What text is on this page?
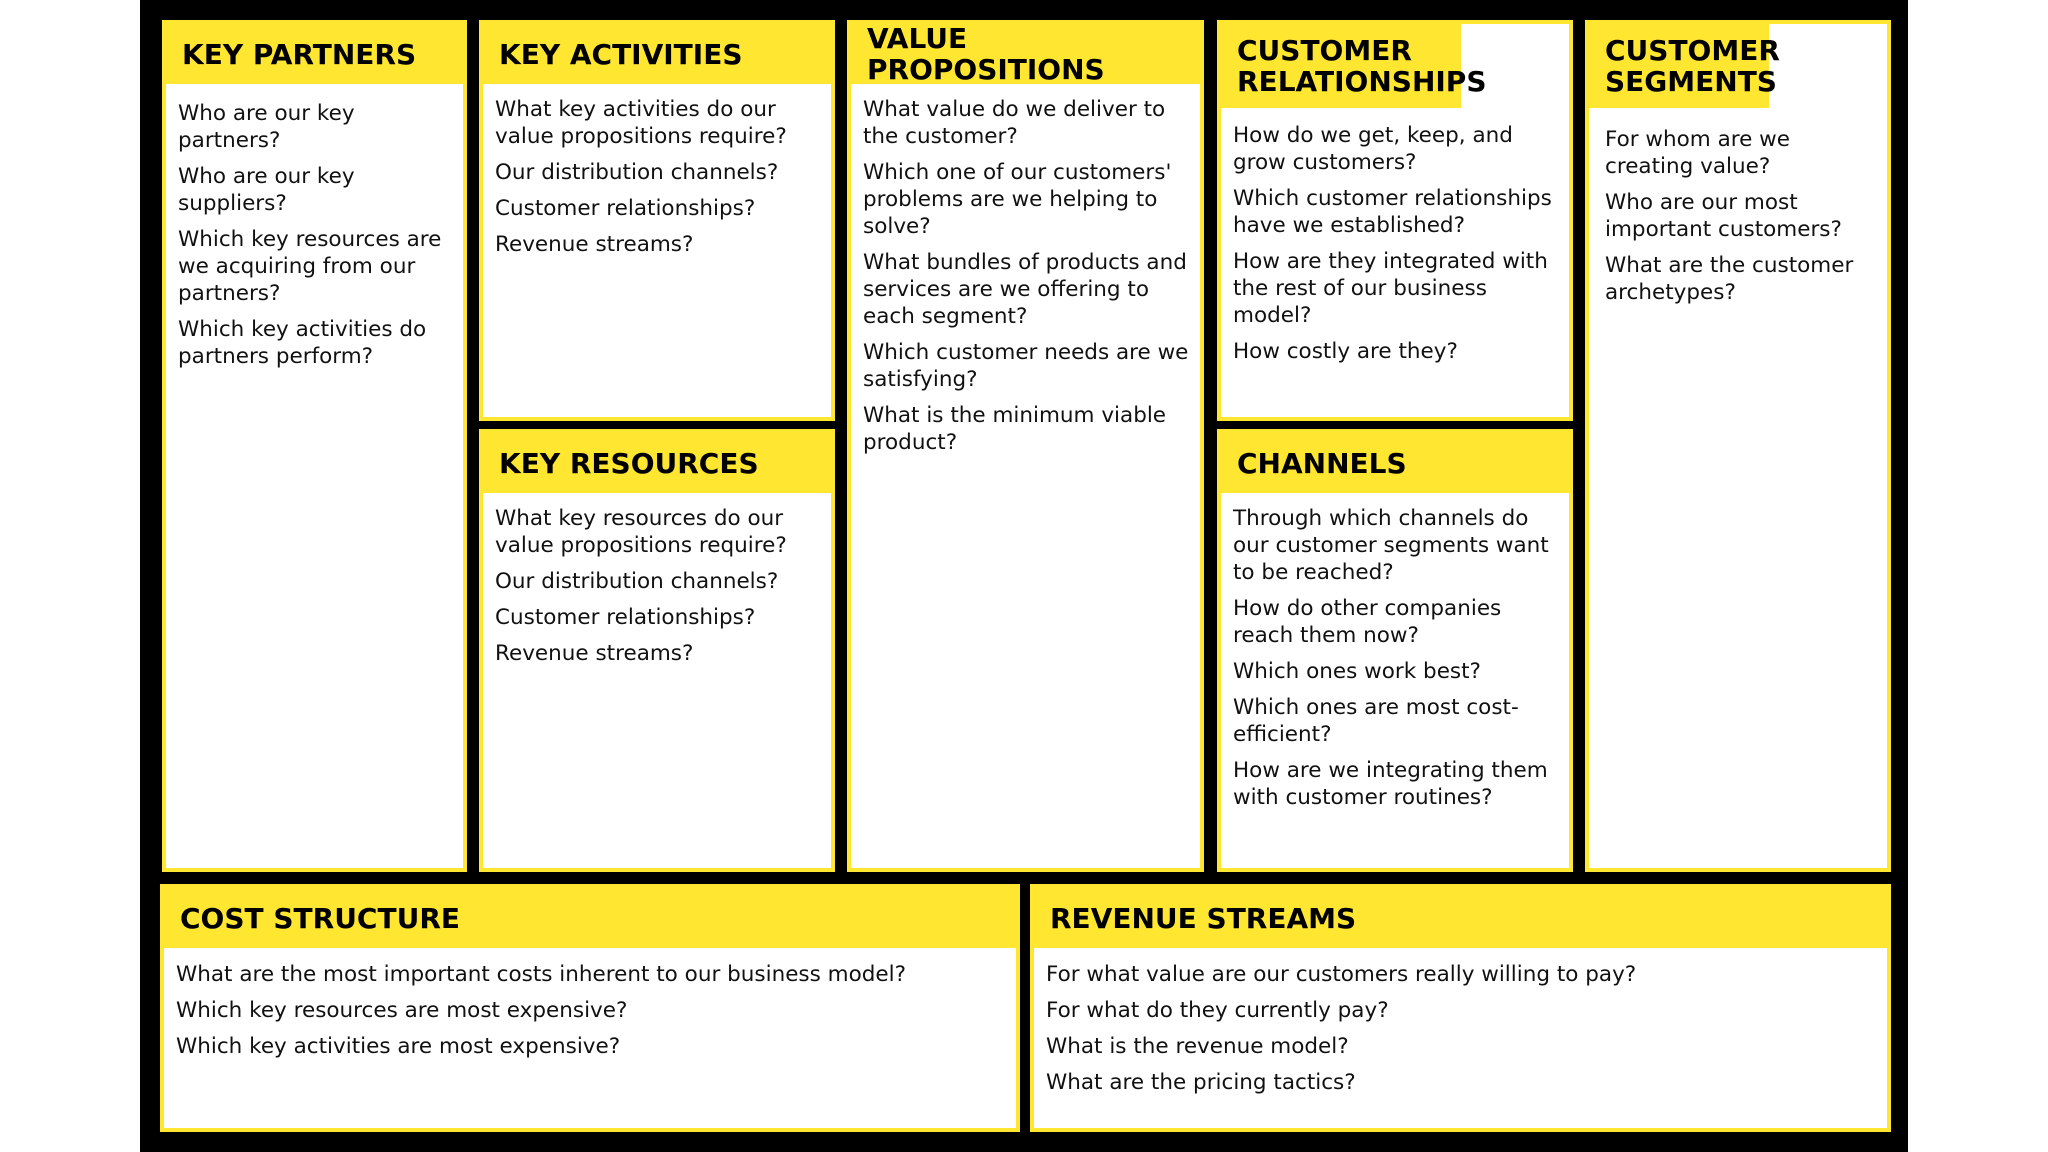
KEY PARTNERS
Who are our key partners?
Who are our key suppliers?
Which key resources are we acquiring from our partners?
Which key activities do partners perform?
KEY ACTIVITIES
What key activities do our value propositions require?
Our distribution channels?
Customer relationships?
Revenue streams?
KEY RESOURCES
What key resources do our value propositions require?
Our distribution channels?
Customer relationships?
Revenue streams?
VALUE PROPOSITIONS
What value do we deliver to the customer?
Which one of our customers' problems are we helping to solve?
What bundles of products and services are we offering to each segment?
Which customer needs are we satisfying?
What is the minimum viable product?
CUSTOMER RELATIONSHIPS
How do we get, keep, and grow customers?
Which customer relationships have we established?
How are they integrated with the rest of our business model?
How costly are they?
CHANNELS
Through which channels do our customer segments want to be reached?
How do other companies reach them now?
Which ones work best?
Which ones are most cost-efficient?
How are we integrating them with customer routines?
CUSTOMER SEGMENTS
For whom are we creating value?
Who are our most important customers?
What are the customer archetypes?
COST STRUCTURE
What are the most important costs inherent to our business model?
Which key resources are most expensive?
Which key activities are most expensive?
REVENUE STREAMS
For what value are our customers really willing to pay?
For what do they currently pay?
What is the revenue model?
What are the pricing tactics?
